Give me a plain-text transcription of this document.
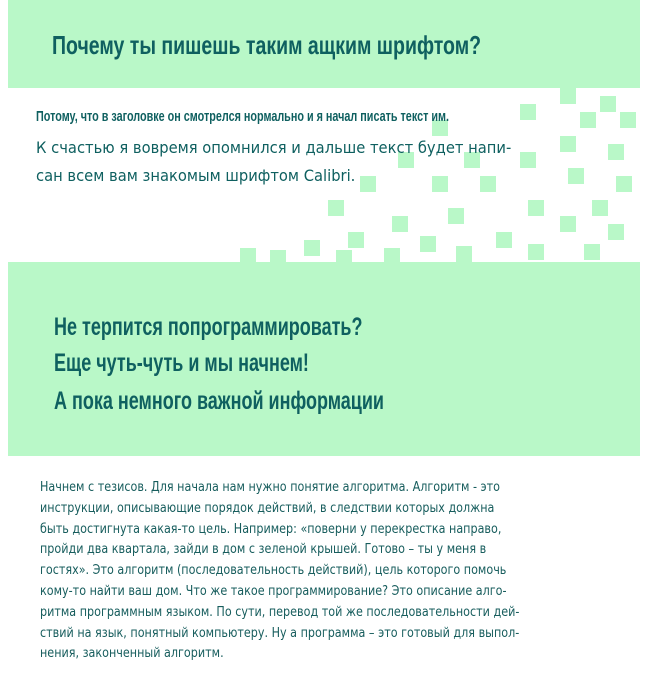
Почему ты пишешь таким ащким шрифтом?
Потому, что в заголовке он смотрелся нормально и я начал писать текст им.
К счастью я вовремя опомнился и дальше текст будет напи-
сан всем вам знакомым шрифтом Calibri.
Не терпится попрограммировать?
Еще чуть-чуть и мы начнем!
А пока немного важной информации
Начнем с тезисов. Для начала нам нужно понятие алгоритма. Алгоритм - это
инструкции, описывающие порядок действий, в следствии которых должна
быть достигнута какая-то цель. Например: «поверни у перекрестка направо,
пройди два квартала, зайди в дом с зеленой крышей. Готово – ты у меня в
гостях». Это алгоритм (последовательность действий), цель которого помочь
кому-то найти ваш дом. Что же такое программирование? Это описание алго-
ритма программным языком. По сути, перевод той же последовательности дей-
ствий на язык, понятный компьютеру. Ну а программа – это готовый для выпол-
нения, законченный алгоритм.
